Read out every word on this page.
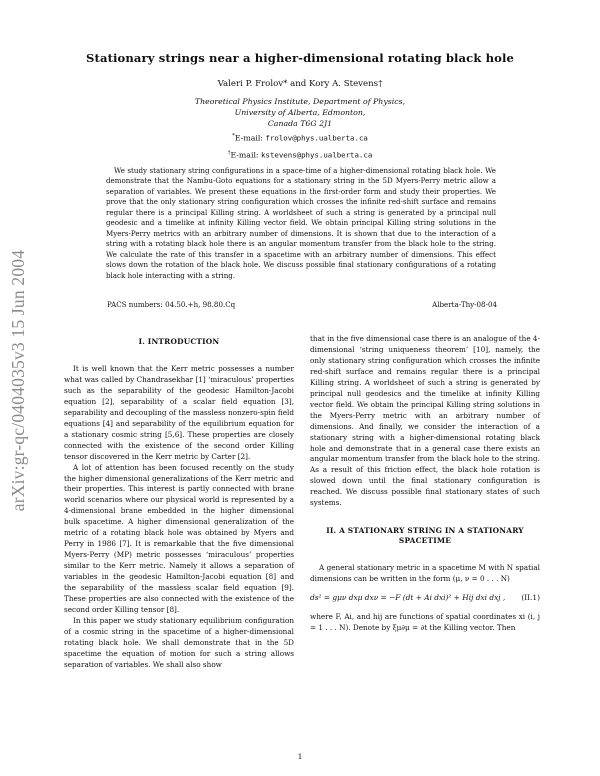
arXiv:gr-qc/0404035v3 15 Jun 2004
Stationary strings near a higher-dimensional rotating black hole
Valeri P. Frolov* and Kory A. Stevens†
Theoretical Physics Institute, Department of Physics,
University of Alberta, Edmonton,
Canada T6G 2J1
*E-mail: frolov@phys.ualberta.ca
†E-mail: kstevens@phys.ualberta.ca
We study stationary string configurations in a space-time of a higher-dimensional rotating black hole. We demonstrate that the Nambu-Goto equations for a stationary string in the 5D Myers-Perry metric allow a separation of variables. We present these equations in the first-order form and study their properties. We prove that the only stationary string configuration which crosses the infinite red-shift surface and remains regular there is a principal Killing string. A worldsheet of such a string is generated by a principal null geodesic and a timelike at infinity Killing vector field. We obtain principal Killing string solutions in the Myers-Perry metrics with an arbitrary number of dimensions. It is shown that due to the interaction of a string with a rotating black hole there is an angular momentum transfer from the black hole to the string. We calculate the rate of this transfer in a spacetime with an arbitrary number of dimensions. This effect slows down the rotation of the black hole. We discuss possible final stationary configurations of a rotating black hole interacting with a string.
PACS numbers: 04.50.+h, 98.80.Cq	Alberta-Thy-08-04
I. INTRODUCTION

It is well known that the Kerr metric possesses a number what was called by Chandrasekhar [1] ‘miraculous’ properties such as the separability of the geodesic Hamilton-Jacobi equation [2], separability of a scalar field equation [3], separability and decoupling of the massless nonzero-spin field equations [4] and separability of the equilibrium equation for a stationary cosmic string [5,6]. These properties are closely connected with the existence of the second order Killing tensor discovered in the Kerr metric by Carter [2].

A lot of attention has been focused recently on the study the higher dimensional generalizations of the Kerr metric and their properties. This interest is partly connected with brane world scenarios where our physical world is represented by a 4-dimensional brane embedded in the higher dimensional bulk spacetime. A higher dimensional generalization of the metric of a rotating black hole was obtained by Myers and Perry in 1986 [7]. It is remarkable that the five dimensional Myers-Perry (MP) metric possesses ‘miraculous’ properties similar to the Kerr metric. Namely it allows a separation of variables in the geodesic Hamilton-Jacobi equation [8] and the separability of the massless scalar field equation [9]. These properties are also connected with the existence of the second order Killing tensor [8].

In this paper we study stationary equilibrium configuration of a cosmic string in the spacetime of a higher-dimensional rotating black hole. We shall demonstrate that in the 5D spacetime the equation of motion for such a string allows separation of variables. We shall also show

that in the five dimensional case there is an analogue of the 4-dimensional ‘string uniqueness theorem’ [10], namely, the only stationary string configuration which crosses the infinite red-shift surface and remains regular there is a principal Killing string. A worldsheet of such a string is generated by principal null geodesics and the timelike at infinity Killing vector field. We obtain the principal Killing string solutions in the Myers-Perry metric with an arbitrary number of dimensions. And finally, we consider the interaction of a stationary string with a higher-dimensional rotating black hole and demonstrate that in a general case there exists an angular momentum transfer from the black hole to the string. As a result of this friction effect, the black hole rotation is slowed down until the final stationary configuration is reached. We discuss possible final stationary states of such systems.

II. A STATIONARY STRING IN A STATIONARY
SPACETIME

A general stationary metric in a spacetime M with N spatial dimensions can be written in the form (μ, ν = 0 . . . N)

ds² = gμν dxμ dxν = −F (dt + Ai dxi)² + Hij dxi dxj , (II.1)

where F, Ai, and hij are functions of spatial coordinates xi (i, j = 1 . . . N). Denote by ξμ∂μ = ∂t the Killing vector. Then

1
